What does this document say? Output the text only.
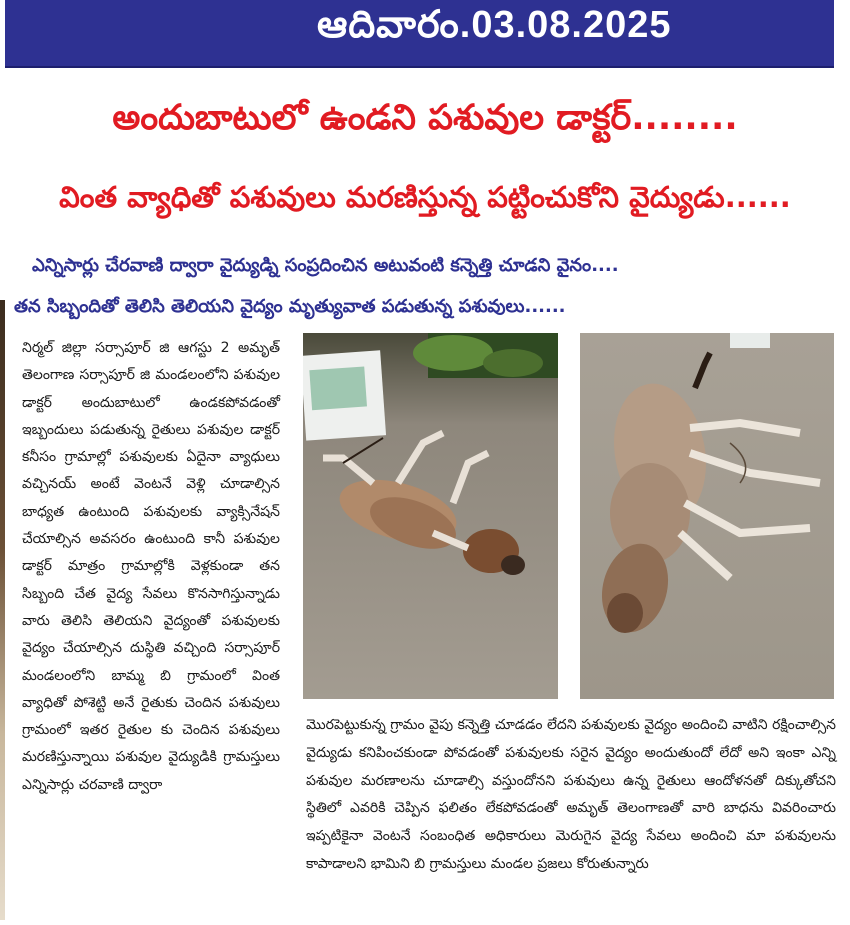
ఆదివారం.03.08.2025
అందుబాటులో ఉండని పశువుల డాక్టర్........
వింత వ్యాధితో పశువులు మరణిస్తున్న పట్టించుకోని వైద్యుడు......
ఎన్నిసార్లు చేరవాణి ద్వారా వైద్యుడ్ని సంప్రదించిన అటువంటి కన్నెత్తి చూడని వైనం....
తన సిబ్బందితో తెలిసి తెలియని వైద్యం మృత్యువాత పడుతున్న పశువులు......
నిర్మల్ జిల్లా సర్సాపూర్ జి ఆగస్టు 2 అమృత్ తెలంగాణ సర్సాపూర్ జి మండలంలోని పశువుల డాక్టర్ అందుబాటులో ఉండకపోవడంతో ఇబ్బందులు పడుతున్న రైతులు పశువుల డాక్టర్ కనీసం గ్రామాల్లో పశువులకు ఏదైనా వ్యాధులు వచ్చినయ్ అంటే వెంటనే వెళ్లి చూడాల్సిన బాధ్యత ఉంటుంది పశువులకు వ్యాక్సినేషన్ చేయాల్సిన అవసరం ఉంటుంది కానీ పశువుల డాక్టర్ మాత్రం గ్రామాల్లోకి వెళ్లకుండా తన సిబ్బంది చేత వైద్య సేవలు కొనసాగిస్తున్నాడు వారు తెలిసి తెలియని వైద్యంతో పశువులకు వైద్యం చేయాల్సిన దుస్థితి వచ్చింది సర్సాపూర్ మండలంలోని బామ్మ బి గ్రామంలో వింత వ్యాధితో పోశెట్టి అనే రైతుకు చెందిన పశువులు గ్రామంలో ఇతర రైతుల కు చెందిన పశువులు మరణిస్తున్నాయి పశువుల వైద్యుడికి గ్రామస్తులు ఎన్నిసార్లు చరవాణి ద్వారా
మొరపెట్టుకున్న గ్రామం వైపు కన్నెత్తి చూడడం లేదని పశువులకు వైద్యం అందించి వాటిని రక్షించాల్సిన వైద్యుడు కనిపించకుండా పోవడంతో పశువులకు సరైన వైద్యం అందుతుందో లేదో అని ఇంకా ఎన్ని పశువుల మరణాలను చూడాల్సి వస్తుందోనని పశువులు ఉన్న రైతులు ఆందోళనతో దిక్కుతోచని స్థితిలో ఎవరికి చెప్పిన ఫలితం లేకపోవడంతో అమృత్ తెలంగాణతో వారి బాధను వివరించారు ఇప్పటికైనా వెంటనే సంబంధిత అధికారులు మెరుగైన వైద్య సేవలు అందించి మా పశువులను కాపాడాలని భామిని బి గ్రామస్తులు మండల ప్రజలు కోరుతున్నారు
